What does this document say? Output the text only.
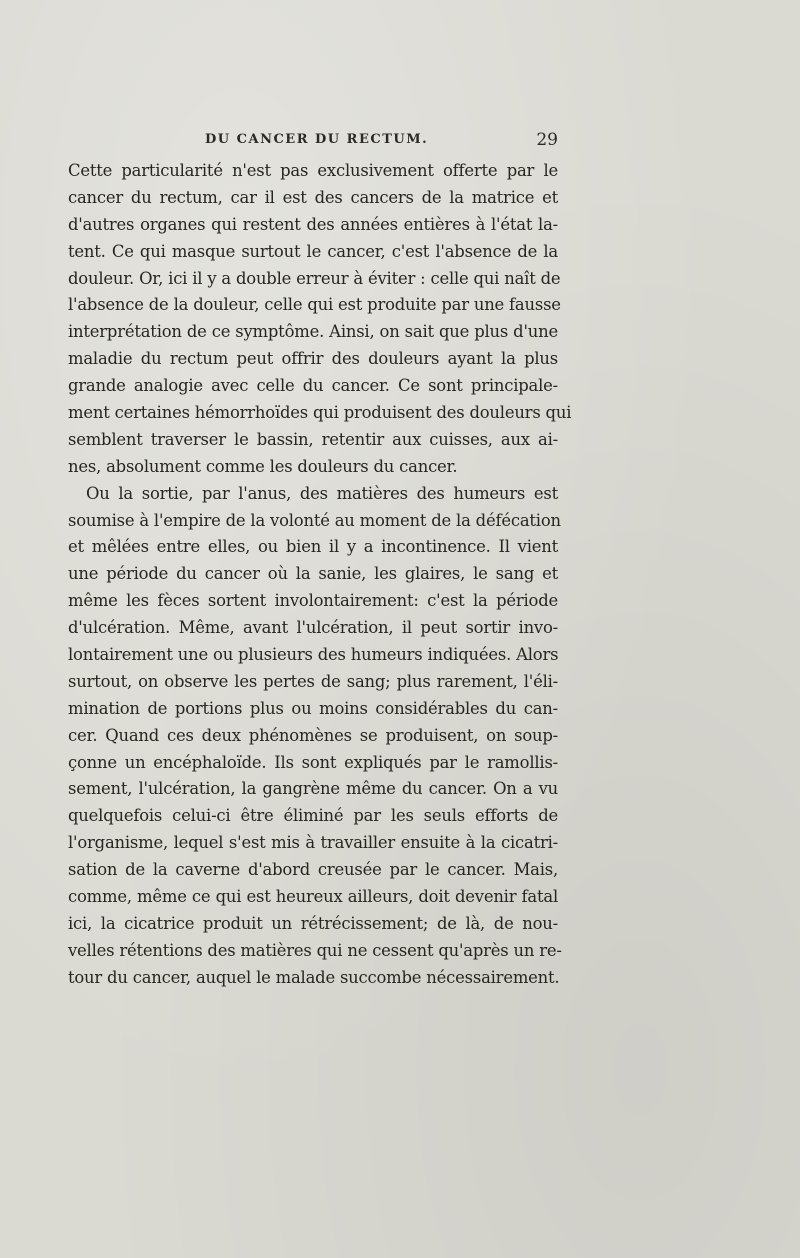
DU CANCER DU RECTUM.	29
Cette particularité n'est pas exclusivement offerte par le
cancer du rectum, car il est des cancers de la matrice et
d'autres organes qui restent des années entières à l'état la-
tent. Ce qui masque surtout le cancer, c'est l'absence de la
douleur. Or, ici il y a double erreur à éviter : celle qui naît de
l'absence de la douleur, celle qui est produite par une fausse
interprétation de ce symptôme. Ainsi, on sait que plus d'une
maladie du rectum peut offrir des douleurs ayant la plus
grande analogie avec celle du cancer. Ce sont principale-
ment certaines hémorrhoïdes qui produisent des douleurs qui
semblent traverser le bassin, retentir aux cuisses, aux ai-
nes, absolument comme les douleurs du cancer.
Ou la sortie, par l'anus, des matières des humeurs est
soumise à l'empire de la volonté au moment de la défécation
et mêlées entre elles, ou bien il y a incontinence. Il vient
une période du cancer où la sanie, les glaires, le sang et
même les fèces sortent involontairement: c'est la période
d'ulcération. Même, avant l'ulcération, il peut sortir invo-
lontairement une ou plusieurs des humeurs indiquées. Alors
surtout, on observe les pertes de sang; plus rarement, l'éli-
mination de portions plus ou moins considérables du can-
cer. Quand ces deux phénomènes se produisent, on soup-
çonne un encéphaloïde. Ils sont expliqués par le ramollis-
sement, l'ulcération, la gangrène même du cancer. On a vu
quelquefois celui-ci être éliminé par les seuls efforts de
l'organisme, lequel s'est mis à travailler ensuite à la cicatri-
sation de la caverne d'abord creusée par le cancer. Mais,
comme, même ce qui est heureux ailleurs, doit devenir fatal
ici, la cicatrice produit un rétrécissement; de là, de nou-
velles rétentions des matières qui ne cessent qu'après un re-
tour du cancer, auquel le malade succombe nécessairement.
